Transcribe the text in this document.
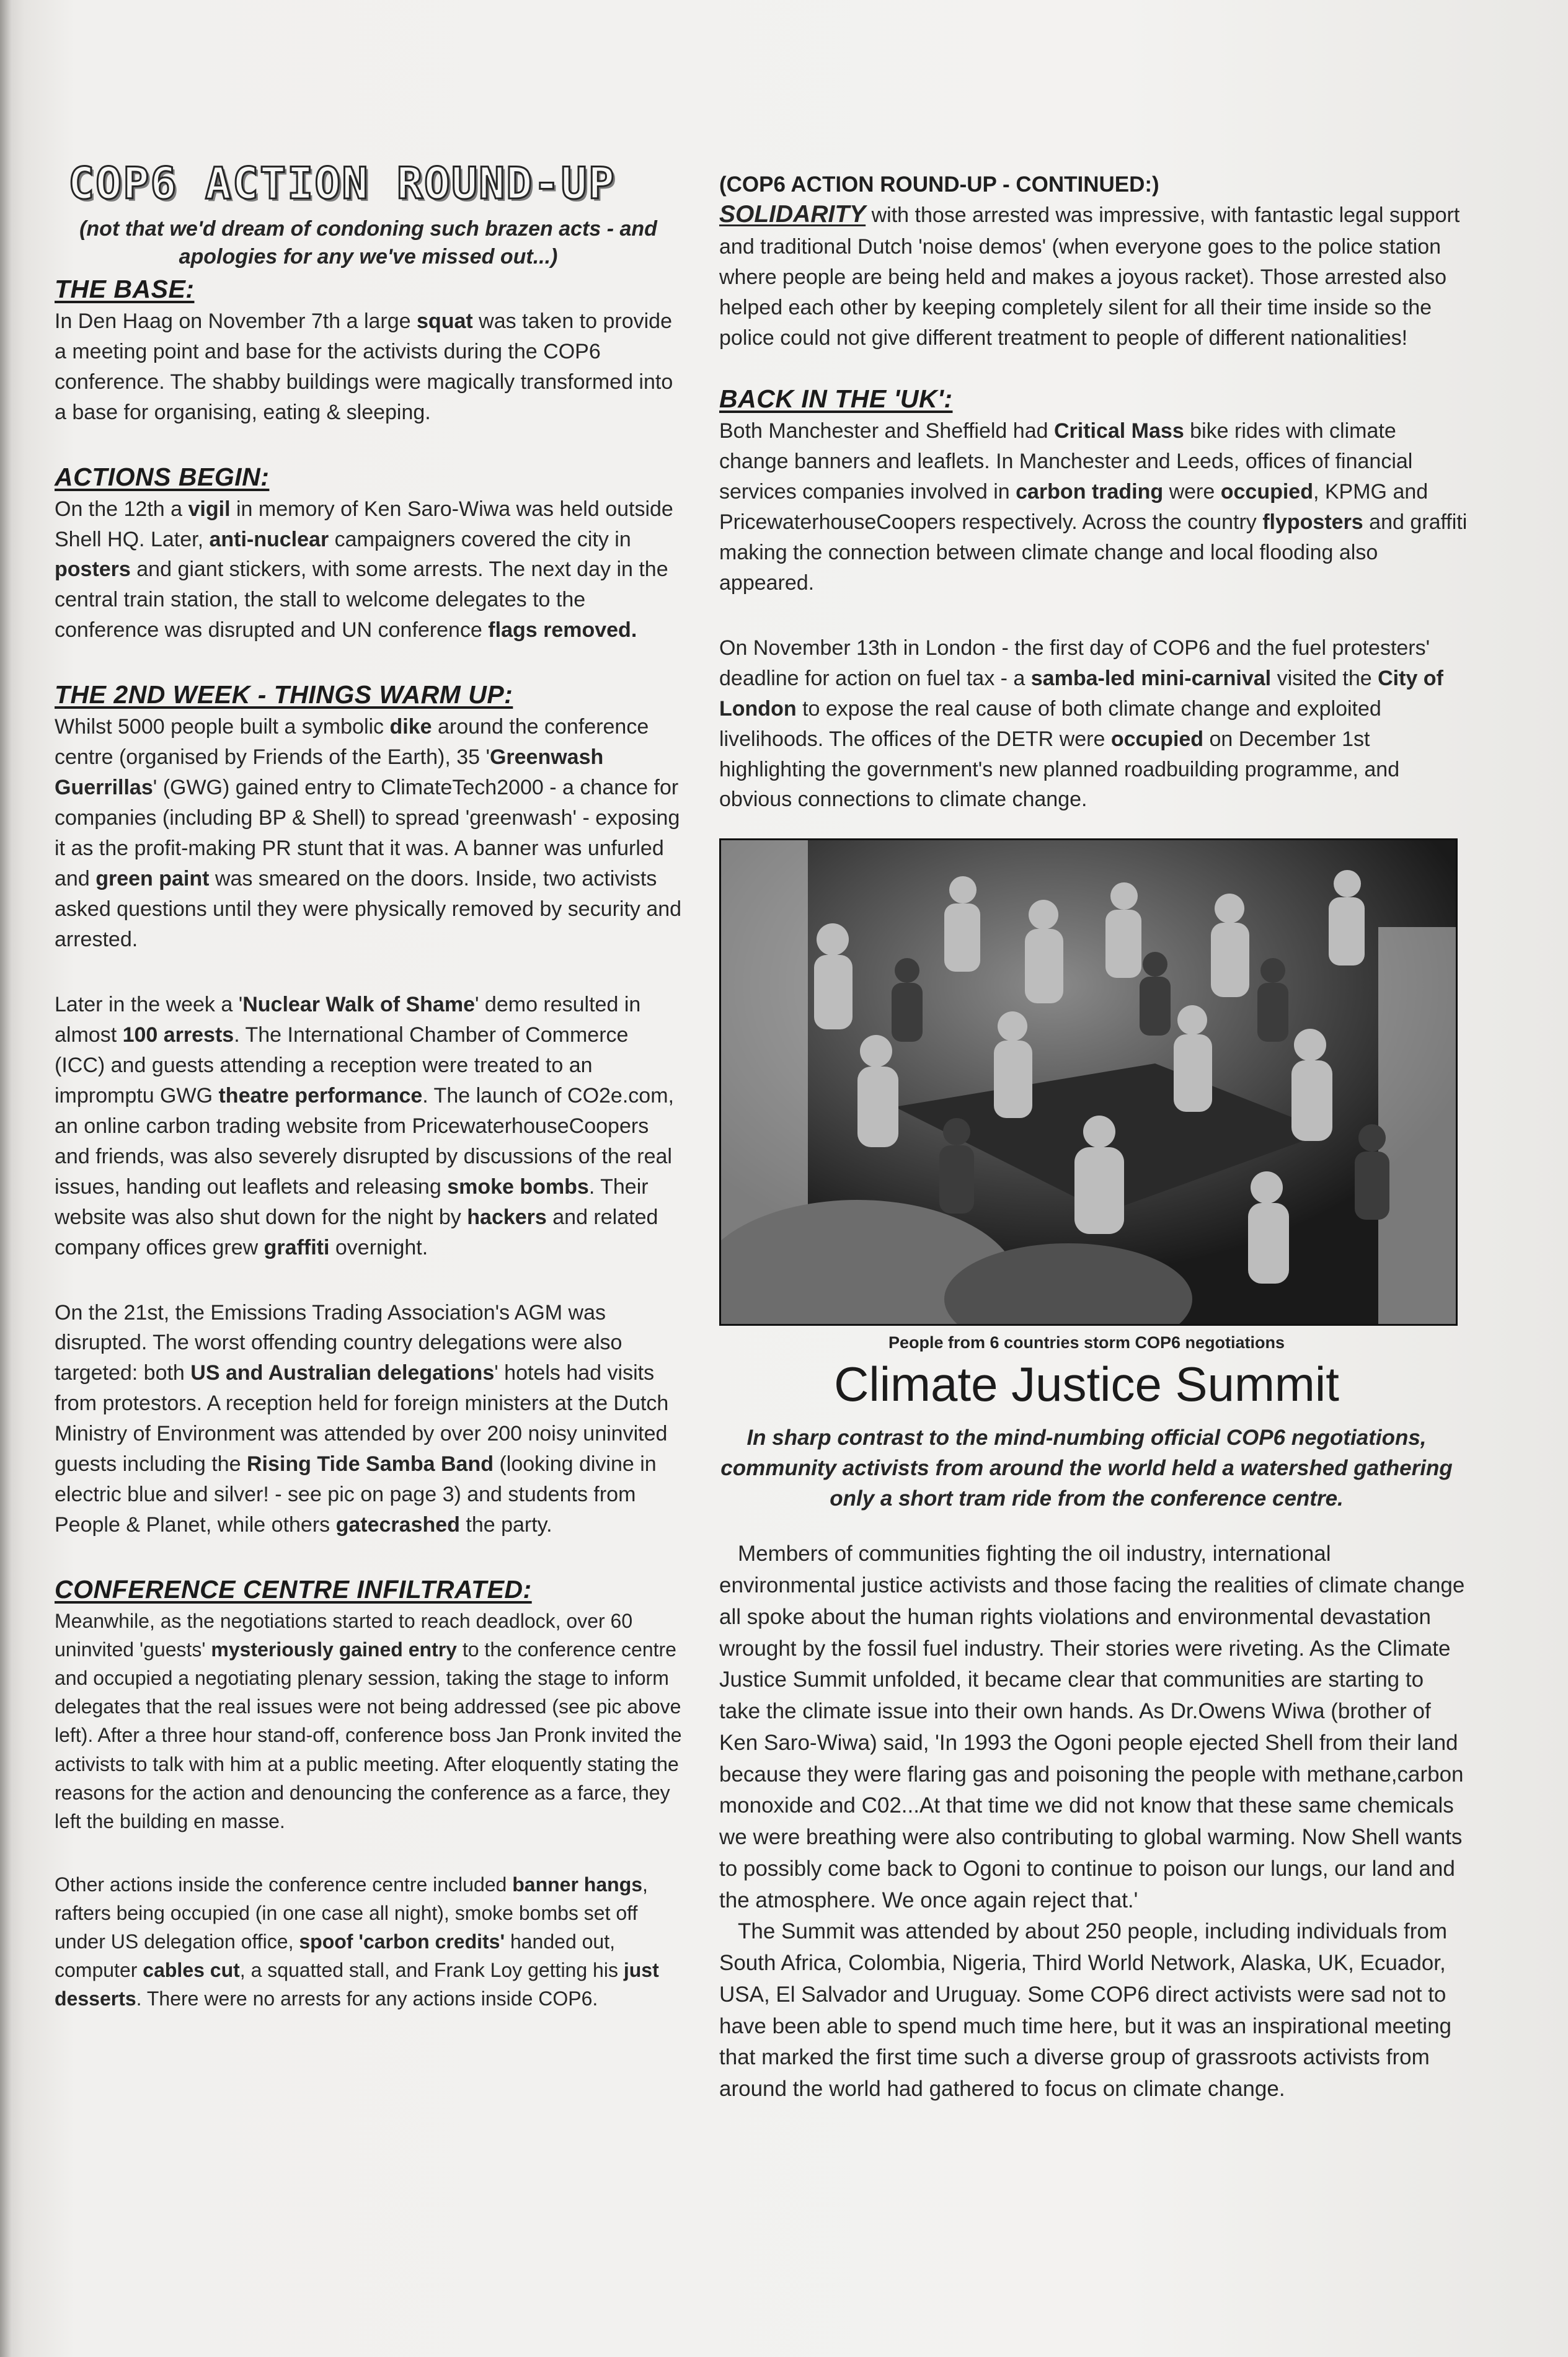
COP6 ACTION ROUND-UP
(not that we'd dream of condoning such brazen acts - and apologies for any we've missed out...)
THE BASE:

In Den Haag on November 7th a large squat was taken to provide a meeting point and base for the activists during the COP6 conference. The shabby buildings were magically transformed into a base for organising, eating & sleeping.

ACTIONS BEGIN:

On the 12th a vigil in memory of Ken Saro-Wiwa was held outside Shell HQ. Later, anti-nuclear campaigners covered the city in posters and giant stickers, with some arrests. The next day in the central train station, the stall to welcome delegates to the conference was disrupted and UN conference flags removed.

THE 2ND WEEK - THINGS WARM UP:

Whilst 5000 people built a symbolic dike around the conference centre (organised by Friends of the Earth), 35 'Greenwash Guerrillas' (GWG) gained entry to ClimateTech2000 - a chance for companies (including BP & Shell) to spread 'greenwash' - exposing it as the profit-making PR stunt that it was. A banner was unfurled and green paint was smeared on the doors. Inside, two activists asked questions until they were physically removed by security and arrested.

Later in the week a 'Nuclear Walk of Shame' demo resulted in almost 100 arrests. The International Chamber of Commerce (ICC) and guests attending a reception were treated to an impromptu GWG theatre performance. The launch of CO2e.com, an online carbon trading website from PricewaterhouseCoopers and friends, was also severely disrupted by discussions of the real issues, handing out leaflets and releasing smoke bombs. Their website was also shut down for the night by hackers and related company offices grew graffiti overnight.

On the 21st, the Emissions Trading Association's AGM was disrupted. The worst offending country delegations were also targeted: both US and Australian delegations' hotels had visits from protestors. A reception held for foreign ministers at the Dutch Ministry of Environment was attended by over 200 noisy uninvited guests including the Rising Tide Samba Band (looking divine in electric blue and silver! - see pic on page 3) and students from People & Planet, while others gatecrashed the party.

CONFERENCE CENTRE INFILTRATED:

Meanwhile, as the negotiations started to reach deadlock, over 60 uninvited 'guests' mysteriously gained entry to the conference centre and occupied a negotiating plenary session, taking the stage to inform delegates that the real issues were not being addressed (see pic above left). After a three hour stand-off, conference boss Jan Pronk invited the activists to talk with him at a public meeting. After eloquently stating the reasons for the action and denouncing the conference as a farce, they left the building en masse.

Other actions inside the conference centre included banner hangs, rafters being occupied (in one case all night), smoke bombs set off under US delegation office, spoof 'carbon credits' handed out, computer cables cut, a squatted stall, and Frank Loy getting his just desserts. There were no arrests for any actions inside COP6.

(COP6 ACTION ROUND-UP - CONTINUED:)

SOLIDARITY with those arrested was impressive, with fantastic legal support and traditional Dutch 'noise demos' (when everyone goes to the police station where people are being held and makes a joyous racket). Those arrested also helped each other by keeping completely silent for all their time inside so the police could not give different treatment to people of different nationalities!

BACK IN THE 'UK':

Both Manchester and Sheffield had Critical Mass bike rides with climate change banners and leaflets. In Manchester and Leeds, offices of financial services companies involved in carbon trading were occupied, KPMG and PricewaterhouseCoopers respectively. Across the country flyposters and graffiti making the connection between climate change and local flooding also appeared.

On November 13th in London - the first day of COP6 and the fuel protesters' deadline for action on fuel tax - a samba-led mini-carnival visited the City of London to expose the real cause of both climate change and exploited livelihoods. The offices of the DETR were occupied on December 1st highlighting the government's new planned roadbuilding programme, and obvious connections to climate change.

People from 6 countries storm COP6 negotiations
Climate Justice Summit
In sharp contrast to the mind-numbing official COP6 negotiations, community activists from around the world held a watershed gathering only a short tram ride from the conference centre.

Members of communities fighting the oil industry, international environmental justice activists and those facing the realities of climate change all spoke about the human rights violations and environmental devastation wrought by the fossil fuel industry. Their stories were riveting. As the Climate Justice Summit unfolded, it became clear that communities are starting to take the climate issue into their own hands. As Dr.Owens Wiwa (brother of Ken Saro-Wiwa) said, 'In 1993 the Ogoni people ejected Shell from their land because they were flaring gas and poisoning the people with methane,carbon monoxide and C02...At that time we did not know that these same chemicals we were breathing were also contributing to global warming. Now Shell wants to possibly come back to Ogoni to continue to poison our lungs, our land and the atmosphere. We once again reject that.'

The Summit was attended by about 250 people, including individuals from South Africa, Colombia, Nigeria, Third World Network, Alaska, UK, Ecuador, USA, El Salvador and Uruguay. Some COP6 direct activists were sad not to have been able to spend much time here, but it was an inspirational meeting that marked the first time such a diverse group of grassroots activists from around the world had gathered to focus on climate change.
